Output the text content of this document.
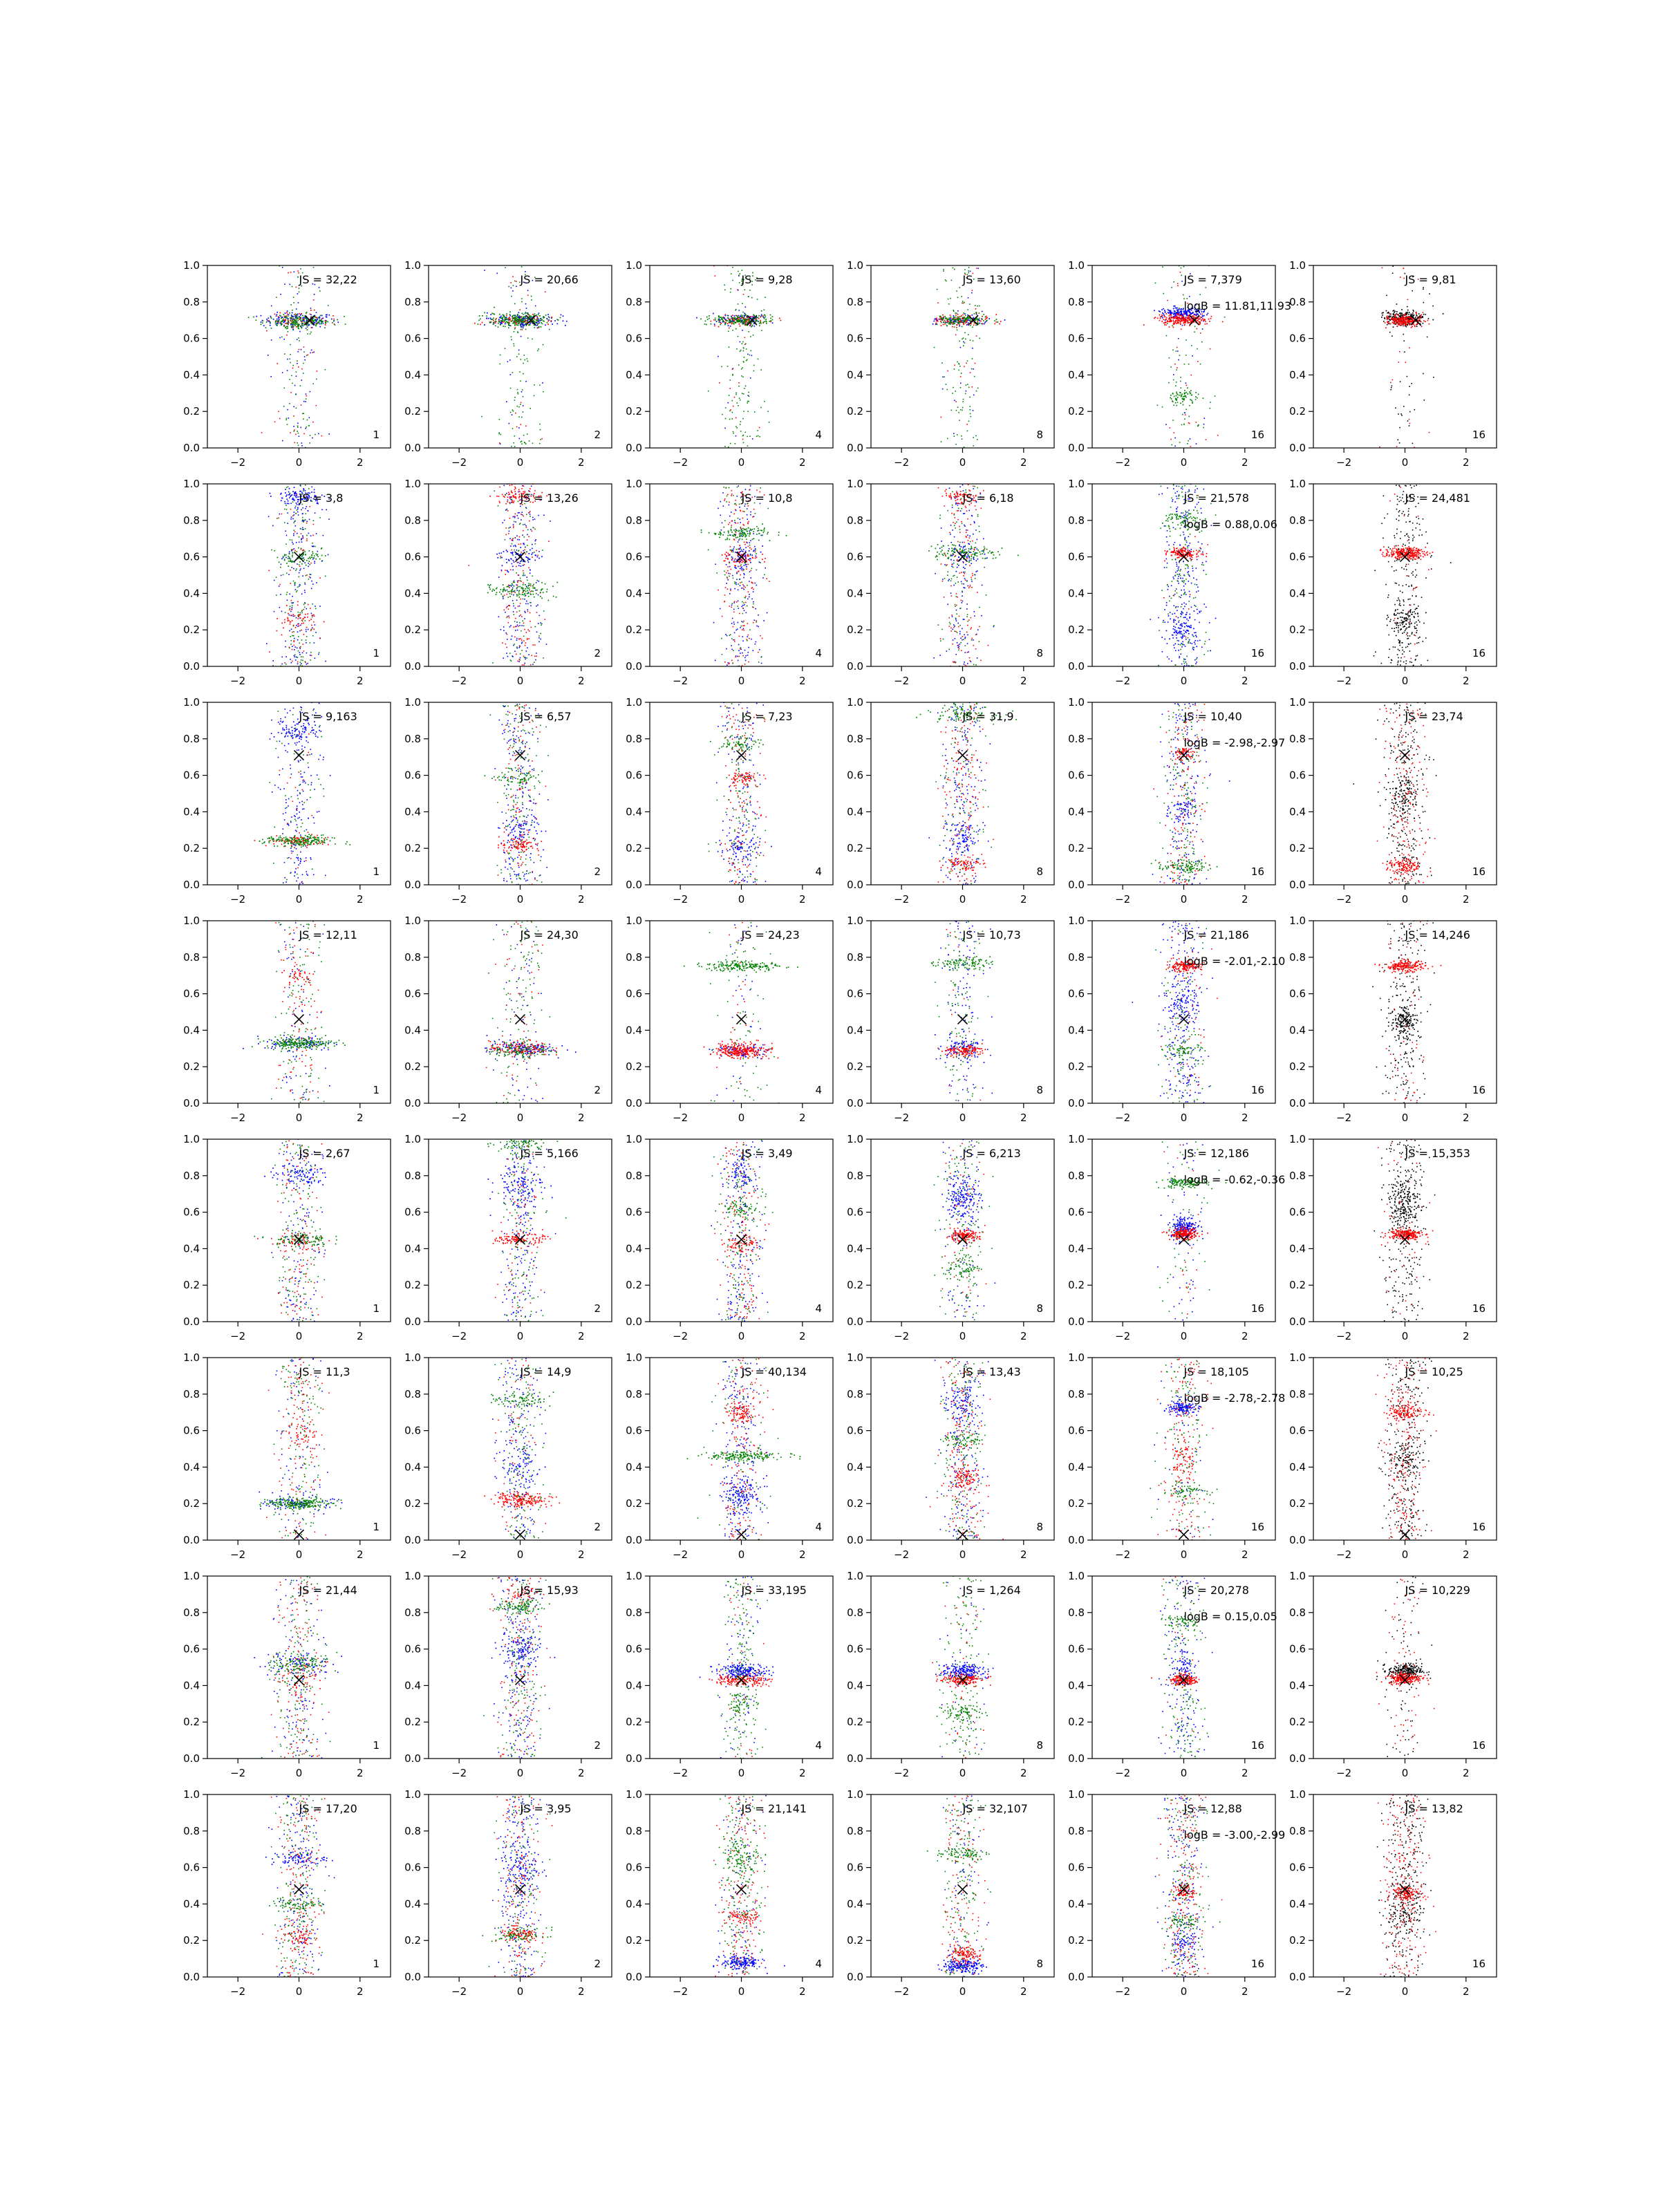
−2	0	2
0.0
0.2
0.4
0.6
0.8
1.0
JS = 32,22
1
−2	0	2
0.0
0.2
0.4
0.6
0.8
1.0
JS = 20,66
2
−2	0	2
0.0
0.2
0.4
0.6
0.8
1.0
JS = 9,28
4
−2	0	2
0.0
0.2
0.4
0.6
0.8
1.0
JS = 13,60
8
−2	0	2
0.0
0.2
0.4
0.6
0.8
1.0
JS = 7,379
logB = 11.81,11.93
16
−2	0	2
0.0
0.2
0.4
0.6
0.8
1.0
JS = 9,81
16
−2	0	2
0.0
0.2
0.4
0.6
0.8
1.0
JS = 3,8
1
−2	0	2
0.0
0.2
0.4
0.6
0.8
1.0
JS = 13,26
2
−2	0	2
0.0
0.2
0.4
0.6
0.8
1.0
JS = 10,8
4
−2	0	2
0.0
0.2
0.4
0.6
0.8
1.0
JS = 6,18
8
−2	0	2
0.0
0.2
0.4
0.6
0.8
1.0
JS = 21,578
logB = 0.88,0.06
16
−2	0	2
0.0
0.2
0.4
0.6
0.8
1.0
JS = 24,481
16
−2	0	2
0.0
0.2
0.4
0.6
0.8
1.0
JS = 9,163
1
−2	0	2
0.0
0.2
0.4
0.6
0.8
1.0
JS = 6,57
2
−2	0	2
0.0
0.2
0.4
0.6
0.8
1.0
JS = 7,23
4
−2	0	2
0.0
0.2
0.4
0.6
0.8
1.0
JS = 31,9
8
−2	0	2
0.0
0.2
0.4
0.6
0.8
1.0
JS = 10,40
logB = -2.98,-2.97
16
−2	0	2
0.0
0.2
0.4
0.6
0.8
1.0
JS = 23,74
16
−2	0	2
0.0
0.2
0.4
0.6
0.8
1.0
JS = 12,11
1
−2	0	2
0.0
0.2
0.4
0.6
0.8
1.0
JS = 24,30
2
−2	0	2
0.0
0.2
0.4
0.6
0.8
1.0
JS = 24,23
4
−2	0	2
0.0
0.2
0.4
0.6
0.8
1.0
JS = 10,73
8
−2	0	2
0.0
0.2
0.4
0.6
0.8
1.0
JS = 21,186
logB = -2.01,-2.10
16
−2	0	2
0.0
0.2
0.4
0.6
0.8
1.0
JS = 14,246
16
−2	0	2
0.0
0.2
0.4
0.6
0.8
1.0
JS = 2,67
1
−2	0	2
0.0
0.2
0.4
0.6
0.8
1.0
JS = 5,166
2
−2	0	2
0.0
0.2
0.4
0.6
0.8
1.0
JS = 3,49
4
−2	0	2
0.0
0.2
0.4
0.6
0.8
1.0
JS = 6,213
8
−2	0	2
0.0
0.2
0.4
0.6
0.8
1.0
JS = 12,186
logB = -0.62,-0.36
16
−2	0	2
0.0
0.2
0.4
0.6
0.8
1.0
JS = 15,353
16
−2	0	2
0.0
0.2
0.4
0.6
0.8
1.0
JS = 11,3
1
−2	0	2
0.0
0.2
0.4
0.6
0.8
1.0
JS = 14,9
2
−2	0	2
0.0
0.2
0.4
0.6
0.8
1.0
JS = 40,134
4
−2	0	2
0.0
0.2
0.4
0.6
0.8
1.0
JS = 13,43
8
−2	0	2
0.0
0.2
0.4
0.6
0.8
1.0
JS = 18,105
logB = -2.78,-2.78
16
−2	0	2
0.0
0.2
0.4
0.6
0.8
1.0
JS = 10,25
16
−2	0	2
0.0
0.2
0.4
0.6
0.8
1.0
JS = 21,44
1
−2	0	2
0.0
0.2
0.4
0.6
0.8
1.0
JS = 15,93
2
−2	0	2
0.0
0.2
0.4
0.6
0.8
1.0
JS = 33,195
4
−2	0	2
0.0
0.2
0.4
0.6
0.8
1.0
JS = 1,264
8
−2	0	2
0.0
0.2
0.4
0.6
0.8
1.0
JS = 20,278
logB = 0.15,0.05
16
−2	0	2
0.0
0.2
0.4
0.6
0.8
1.0
JS = 10,229
16
−2	0	2
0.0
0.2
0.4
0.6
0.8
1.0
JS = 17,20
1
−2	0	2
0.0
0.2
0.4
0.6
0.8
1.0
JS = 3,95
2
−2	0	2
0.0
0.2
0.4
0.6
0.8
1.0
JS = 21,141
4
−2	0	2
0.0
0.2
0.4
0.6
0.8
1.0
JS = 32,107
8
−2	0	2
0.0
0.2
0.4
0.6
0.8
1.0
JS = 12,88
logB = -3.00,-2.99
16
−2	0	2
0.0
0.2
0.4
0.6
0.8
1.0
JS = 13,82
16
